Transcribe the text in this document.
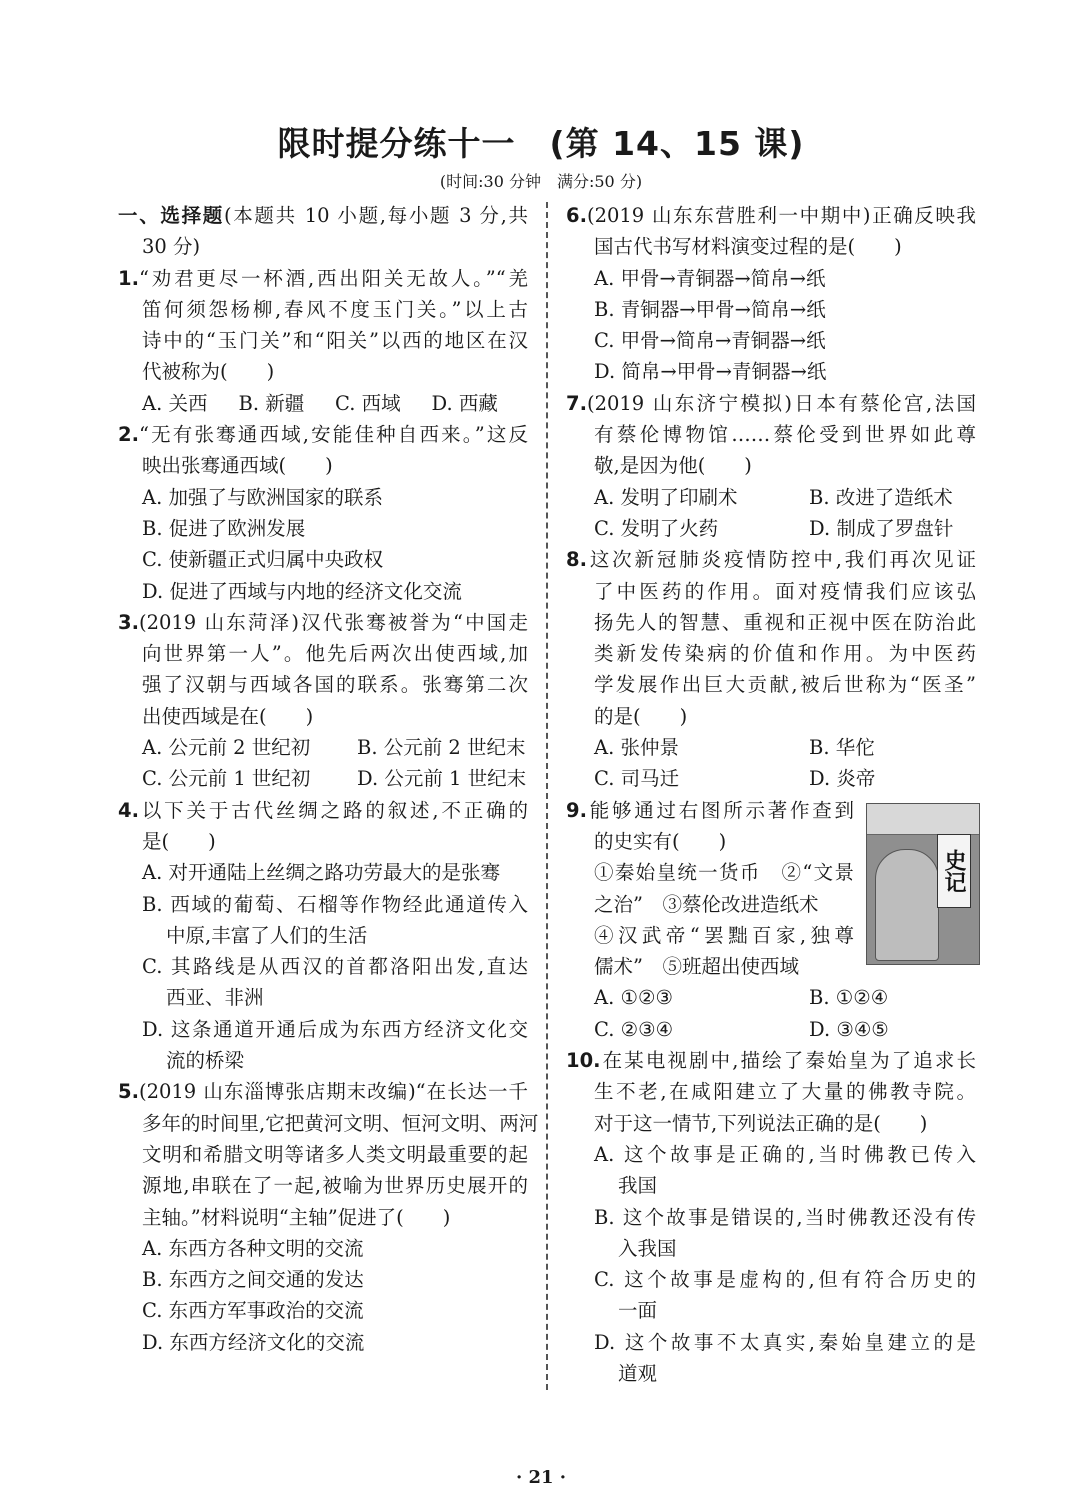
限时提分练十一　(第 14、15 课)
(时间:30 分钟　满分:50 分)
一、选择题(本题共 10 小题,每小题 3 分,共
30 分)
1.“劝君更尽一杯酒,西出阳关无故人。”“羌
笛何须怨杨柳,春风不度玉门关。”以上古
诗中的“玉门关”和“阳关”以西的地区在汉
代被称为(　　)
A. 关西	B. 新疆	C. 西域	D. 西藏
2.“无有张骞通西域,安能佳种自西来。”这反
映出张骞通西域(　　)
A. 加强了与欧洲国家的联系
B. 促进了欧洲发展
C. 使新疆正式归属中央政权
D. 促进了西域与内地的经济文化交流
3.(2019 山东菏泽)汉代张骞被誉为“中国走
向世界第一人”。他先后两次出使西域,加
强了汉朝与西域各国的联系。张骞第二次
出使西域是在(　　)
A. 公元前 2 世纪初	B. 公元前 2 世纪末
C. 公元前 1 世纪初	D. 公元前 1 世纪末
4.以下关于古代丝绸之路的叙述,不正确的
是(　　)
A. 对开通陆上丝绸之路功劳最大的是张骞
B. 西域的葡萄、石榴等作物经此通道传入
中原,丰富了人们的生活
C. 其路线是从西汉的首都洛阳出发,直达
西亚、非洲
D. 这条通道开通后成为东西方经济文化交
流的桥梁
5.(2019 山东淄博张店期末改编)“在长达一千
多年的时间里,它把黄河文明、恒河文明、两河
文明和希腊文明等诸多人类文明最重要的起
源地,串联在了一起,被喻为世界历史展开的
主轴。”材料说明“主轴”促进了(　　)
A. 东西方各种文明的交流
B. 东西方之间交通的发达
C. 东西方军事政治的交流
D. 东西方经济文化的交流
6.(2019 山东东营胜利一中期中)正确反映我
国古代书写材料演变过程的是(　　)
A. 甲骨→青铜器→简帛→纸
B. 青铜器→甲骨→简帛→纸
C. 甲骨→简帛→青铜器→纸
D. 简帛→甲骨→青铜器→纸
7.(2019 山东济宁模拟)日本有蔡伦宫,法国
有蔡伦博物馆……蔡伦受到世界如此尊
敬,是因为他(　　)
A. 发明了印刷术	B. 改进了造纸术
C. 发明了火药	D. 制成了罗盘针
8.这次新冠肺炎疫情防控中,我们再次见证
了中医药的作用。面对疫情我们应该弘
扬先人的智慧、重视和正视中医在防治此
类新发传染病的价值和作用。为中医药
学发展作出巨大贡献,被后世称为“医圣”
的是(　　)
A. 张仲景	B. 华佗
C. 司马迁	D. 炎帝
9.能够通过右图所示著作查到
的史实有(　　)
①秦始皇统一货币　②“文景
之治”　③蔡伦改进造纸术
④汉武帝“罢黜百家,独尊
儒术”　⑤班超出使西域
A. ①②③	B. ①②④
C. ②③④	D. ③④⑤
10.在某电视剧中,描绘了秦始皇为了追求长
生不老,在咸阳建立了大量的佛教寺院。
对于这一情节,下列说法正确的是(　　)
A. 这个故事是正确的,当时佛教已传入
我国
B. 这个故事是错误的,当时佛教还没有传
入我国
C. 这个故事是虚构的,但有符合历史的
一面
D. 这个故事不太真实,秦始皇建立的是
道观
史记
· 21 ·
